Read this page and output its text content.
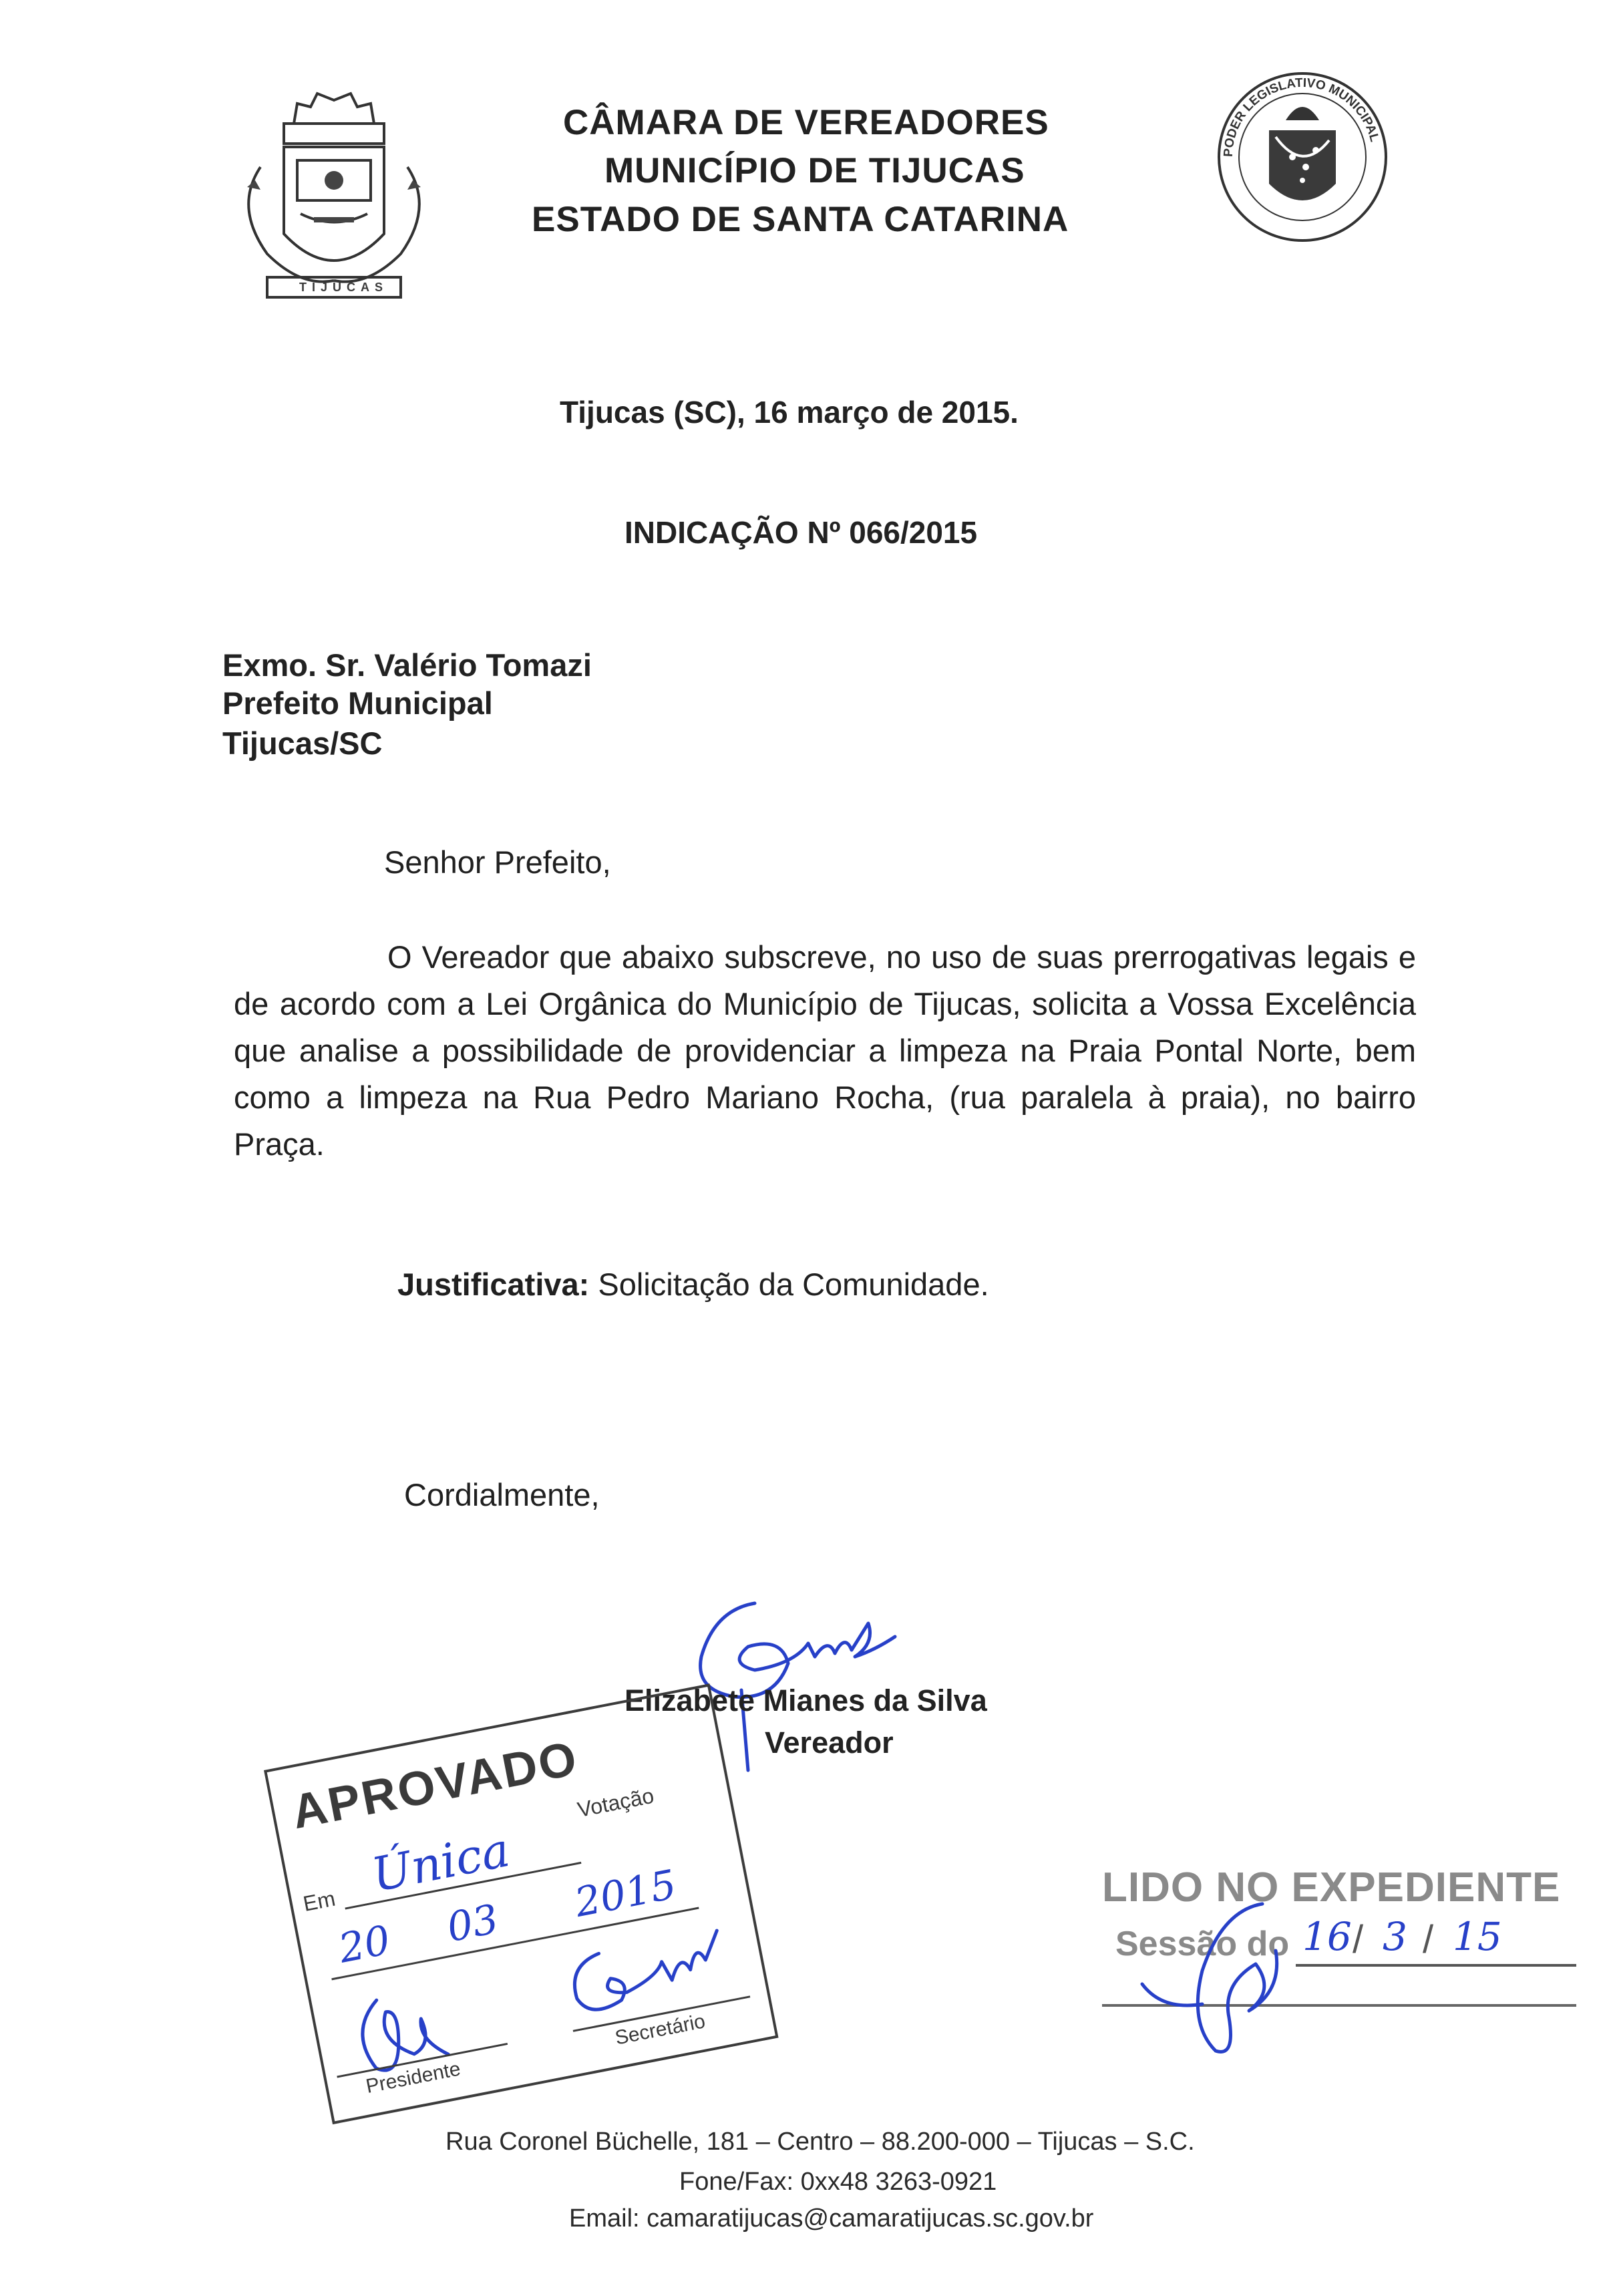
TIJUCAS
CÂMARA DE VEREADORES
MUNICÍPIO DE TIJUCAS
ESTADO DE SANTA CATARINA
PODER LEGISLATIVO MUNICIPAL
Tijucas (SC), 16 março de 2015.
INDICAÇÃO Nº 066/2015
Exmo. Sr. Valério Tomazi
Prefeito Municipal
Tijucas/SC
Senhor Prefeito,
O Vereador que abaixo subscreve, no uso de suas prerrogativas legais e de acordo com a Lei Orgânica do Município de Tijucas, solicita a Vossa Excelência que analise a possibilidade de providenciar a limpeza na Praia Pontal Norte, bem como a limpeza na Rua Pedro Mariano Rocha, (rua paralela à praia), no bairro Praça.
Justificativa: Solicitação da Comunidade.
Cordialmente,
Elizabete Mianes da Silva
Vereador
APROVADO
Votação
Em Única
20 03 2015
Presidente
Secretário
LIDO NO EXPEDIENTE
Sessão do 16 / 3 / 15
Rua Coronel Büchelle, 181 – Centro – 88.200-000 – Tijucas – S.C.
Fone/Fax: 0xx48 3263-0921
Email: camaratijucas@camaratijucas.sc.gov.br
